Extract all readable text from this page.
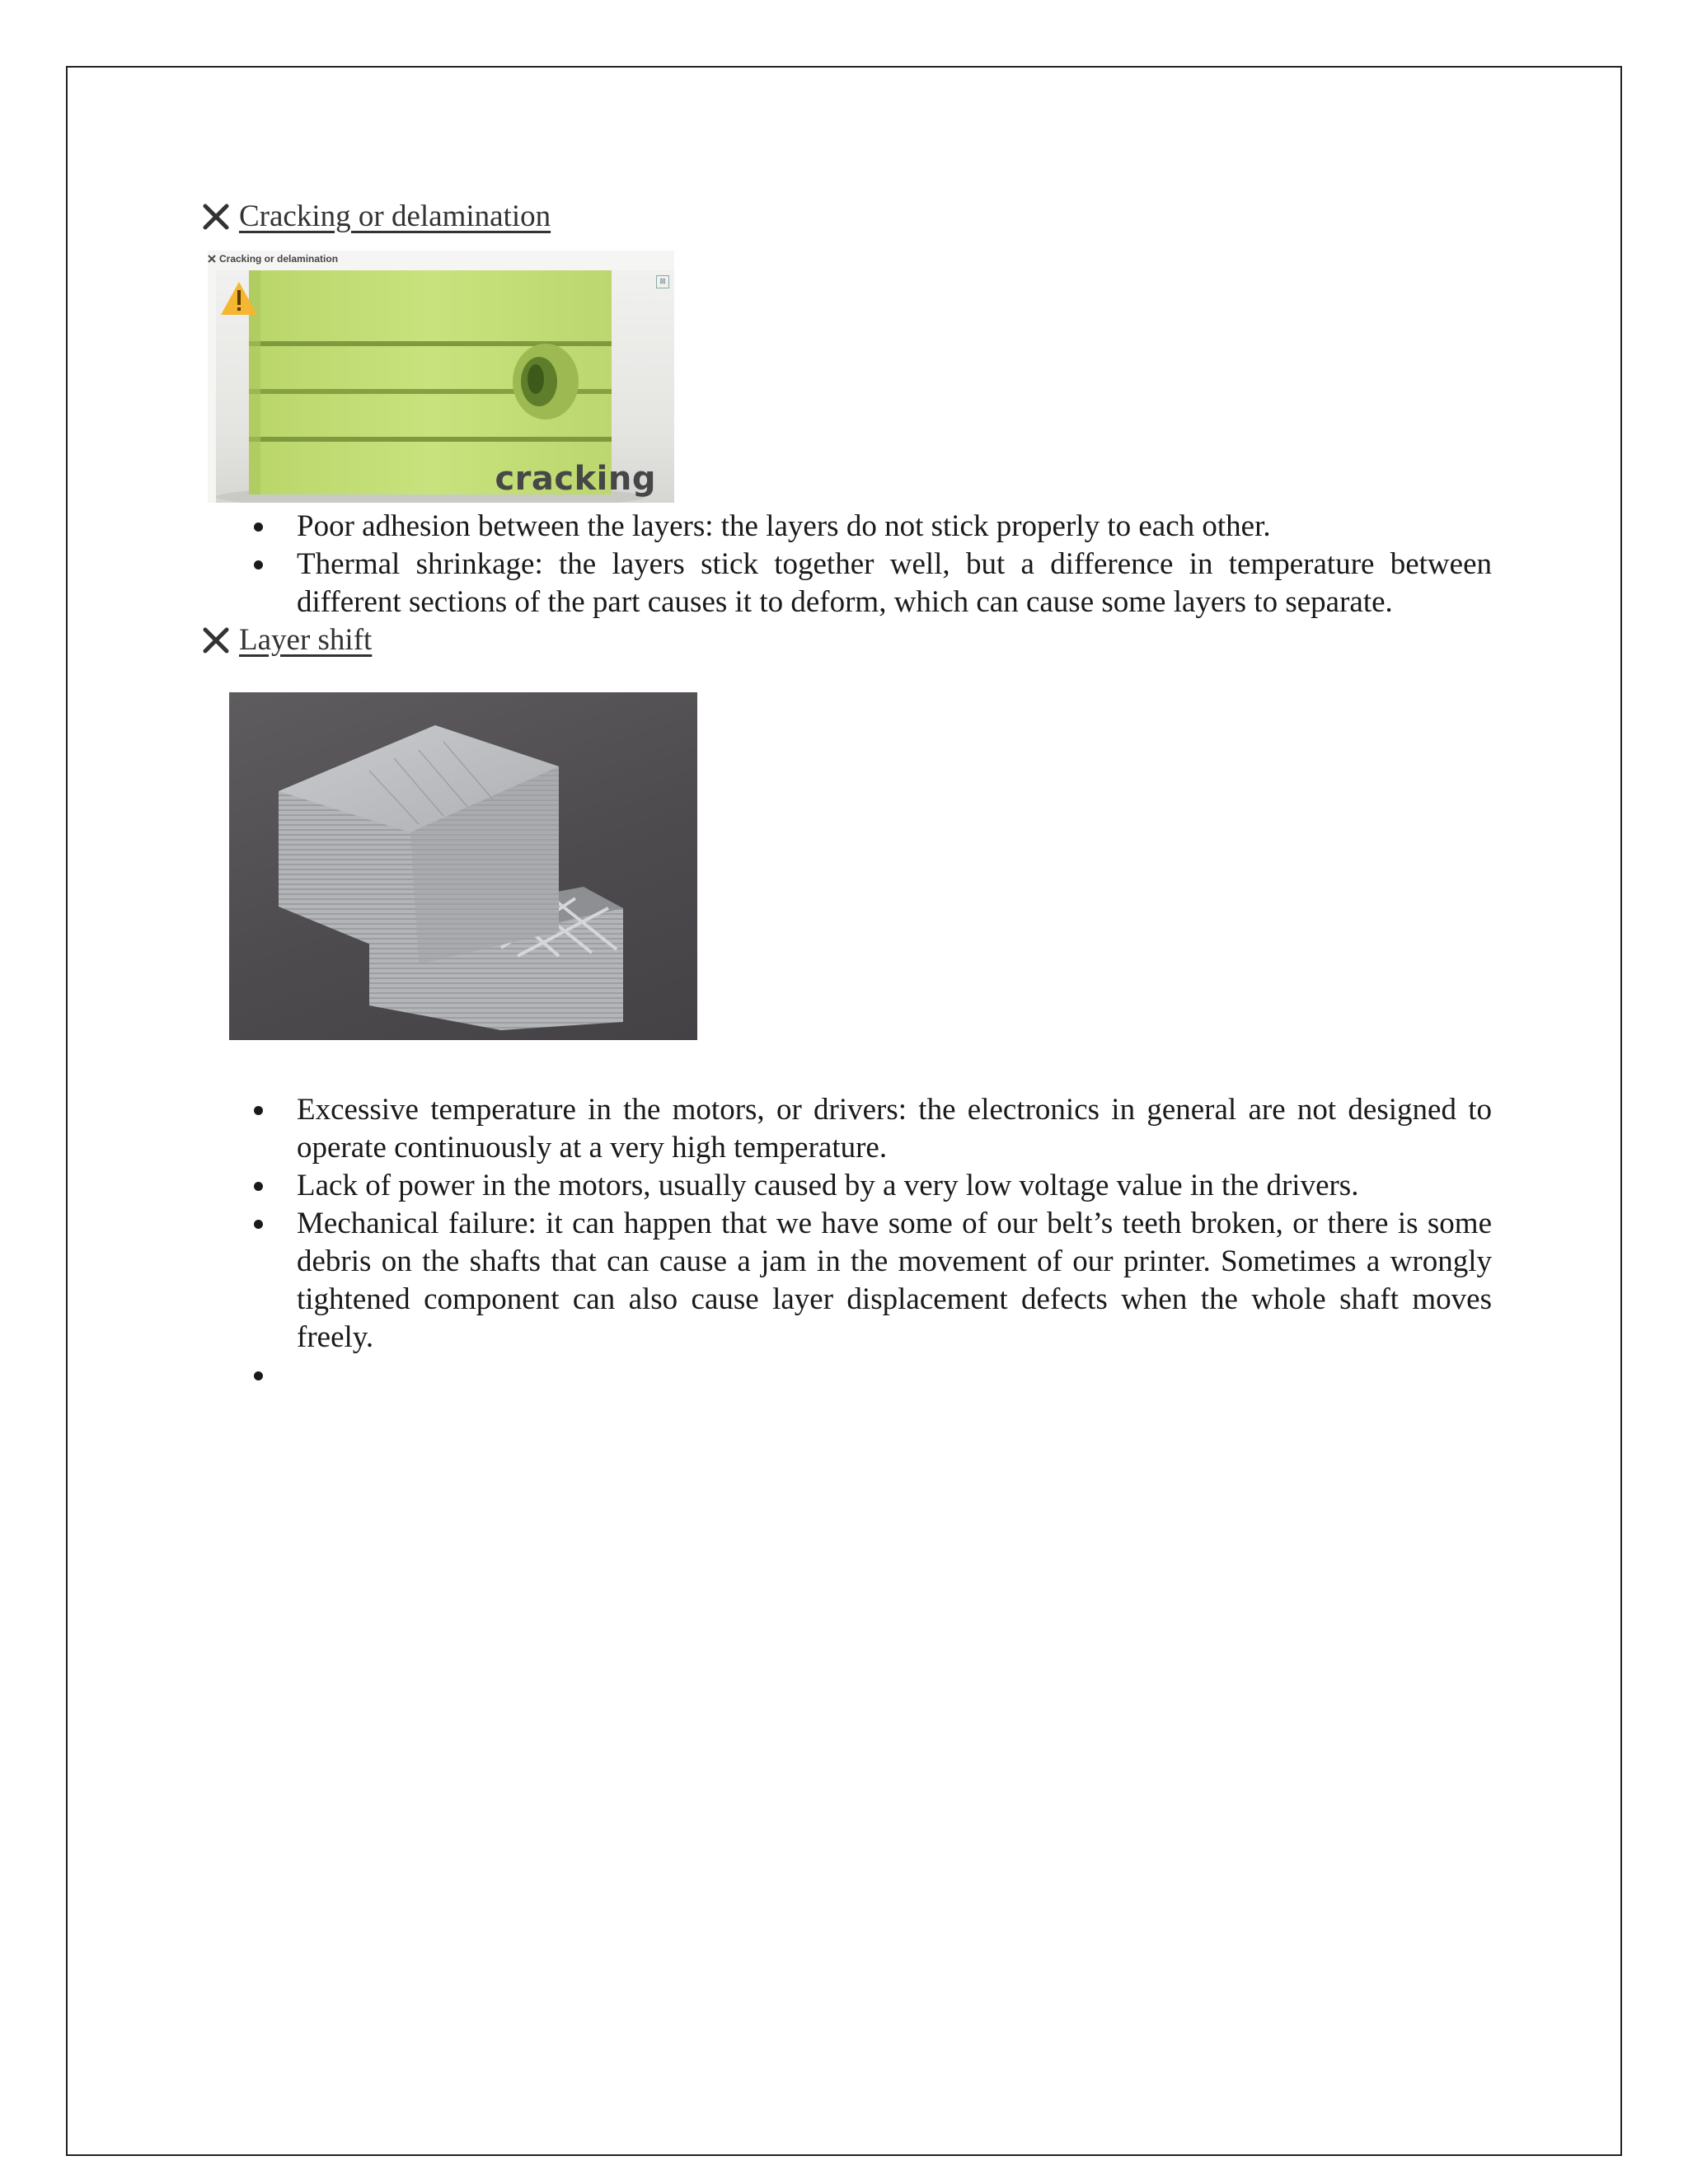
Cracking or delamination
Cracking or delamination
⊠
cracking
Poor adhesion between the layers: the layers do not stick properly to each other.
Thermal shrinkage: the layers stick together well, but a difference in temperature between different sections of the part causes it to deform, which can cause some layers to separate.
Layer shift
Excessive temperature in the motors, or drivers: the electronics in general are not designed to operate continuously at a very high temperature.
Lack of power in the motors, usually caused by a very low voltage value in the drivers.
Mechanical failure: it can happen that we have some of our belt’s teeth broken, or there is some debris on the shafts that can cause a jam in the movement of our printer. Sometimes a wrongly tightened component can also cause layer displacement defects when the whole shaft moves freely.
